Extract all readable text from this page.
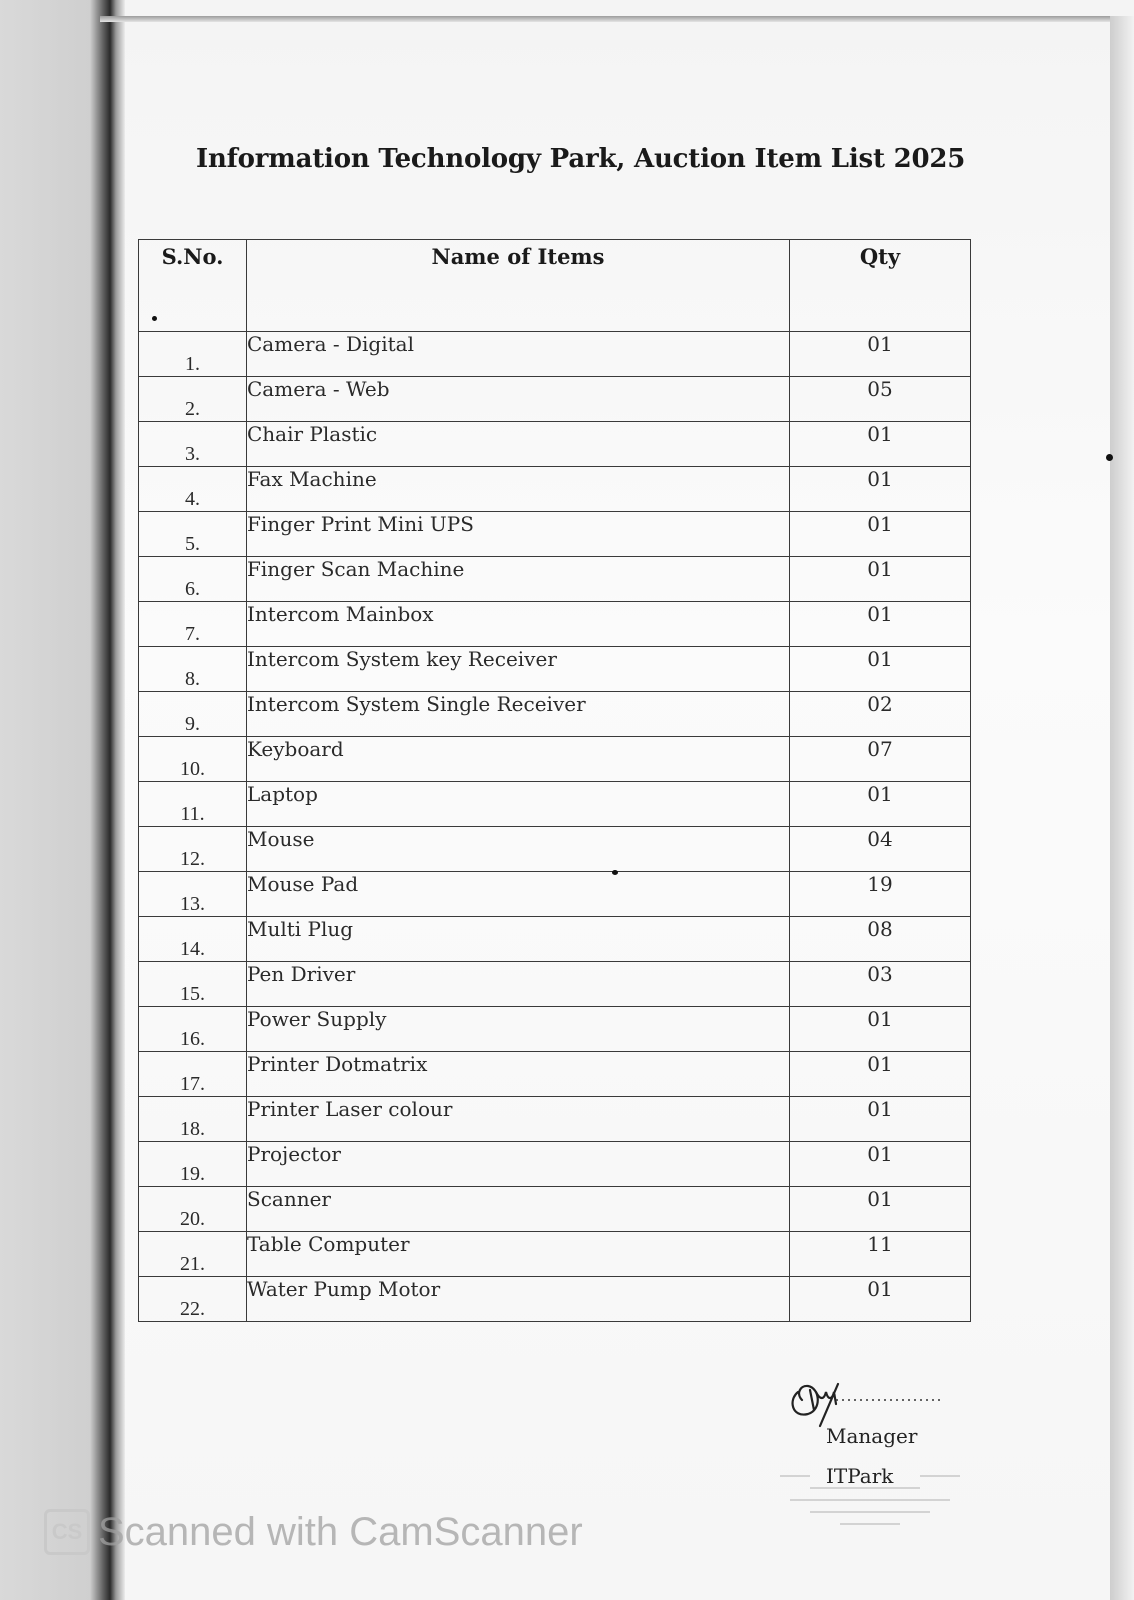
Information Technology Park, Auction Item List 2025
S.No.	Name of Items	Qty
1.	Camera - Digital	01
2.	Camera - Web	05
3.	Chair Plastic	01
4.	Fax Machine	01
5.	Finger Print Mini UPS	01
6.	Finger Scan Machine	01
7.	Intercom Mainbox	01
8.	Intercom System key Receiver	01
9.	Intercom System Single Receiver	02
10.	Keyboard	07
11.	Laptop	01
12.	Mouse	04
13.	Mouse Pad	19
14.	Multi Plug	08
15.	Pen Driver	03
16.	Power Supply	01
17.	Printer Dotmatrix	01
18.	Printer Laser colour	01
19.	Projector	01
20.	Scanner	01
21.	Table Computer	11
22.	Water Pump Motor	01
Manager
ITPark
CS Scanned with CamScanner
